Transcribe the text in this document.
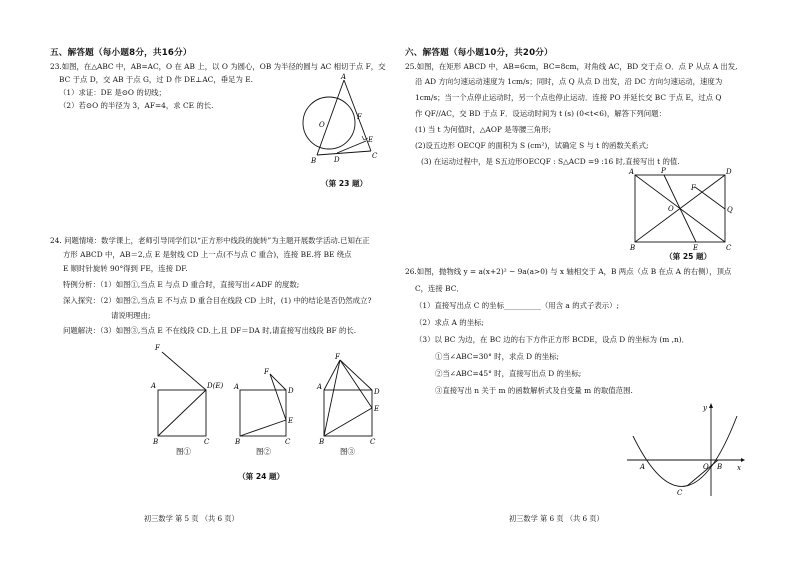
五、解答题（每小题8分，共16分）
23.如图，在△ABC 中，AB=AC，O 在 AB 上，以 O 为圆心，OB 为半径的圆与 AC 相切于点 F，交
BC 于点 D，交 AB 于点 G，过 D 作 DE⊥AC，垂足为 E.
（1）求证：DE 是⊙O 的切线；
（2）若⊙O 的半径为 3，AF=4，求 CE 的长.
A
O
F
E
B	D	C
（第 23 题）
24. 问题情境：数学课上，老师引导同学们以“正方形中线段的旋转”为主题开展数学活动.已知在正
方形 ABCD 中，AB＝2,点 E 是射线 CD 上一点(不与点 C 重合)，连接 BE.将 BE 绕点
E 顺时针旋转 90°得到 FE，连接 DF.
特例分析：（1）如图①,当点 E 与点 D 重合时，直接写出∠ADF 的度数;
深入探究：（2）如图②,当点 E 不与点 D 重合目在线段 CD 上时，(1) 中的结论是否仍然成立?
请说明理由;
问题解决：（3）如图③,当点 E 不在线段 CD.上,且 DF＝DA 时,请直接写出线段 BF 的长.
F
A	D(E)
B	C
图①
F
A	D
E
B	C
图②
F
A
D
E
B	C
图③
（第 24 题）
初三数学 第 5 页 （共 6 页）
六、解答题（每小题10分，共20分）
25.如图，在矩形 ABCD 中，AB=6cm，BC=8cm，对角线 AC，BD 交于点 O．点 P 从点 A 出发,
沿 AD 方向匀速运动速度为 1cm/s；同时，点 Q 从点 D 出发，沿 DC 方向匀速运动，速度为
1cm/s；当一个点停止运动时，另一个点也停止运动．连接 PO 并延长交 BC 于点 E，过点 Q
作 QF//AC，交 BD 于点 F．设运动时间为 t (s) (0<t<6)，解答下列问题：
(1) 当 t 为何值时，△AOP 是等腰三角形;
(2)设五边形 OECQF 的面积为 S (cm²)，试确定 S 与 t 的函数关系式;
(3) 在运动过程中，是 S五边形OECQF : S△ACD =9 :16 时,直接写出 t 的值.
A	P	D
F
Q
O
B	E	C
（第 25 题）
26.如图，抛物线 y = a(x+2)² − 9a(a>0) 与 x 轴相交于 A，B 两点（点 B 在点 A 的右侧），顶点
C，连接 BC．
（1）直接写出点 C 的坐标__________（用含 a 的式子表示）;
（2）求点 A 的坐标;
（3）以 BC 为边，在 BC 边的右下方作正方形 BCDE，设点 D 的坐标为 (m ,n)．
①当∠ABC=30° 时，求点 D 的坐标;
②当∠ABC=45° 时，直接写出点 D 的坐标;
③直接写出 n 关于 m 的函数解析式及自变量 m 的取值范围.
y
x
A	O B
C
初三数学 第 6 页 （共 6 页）
